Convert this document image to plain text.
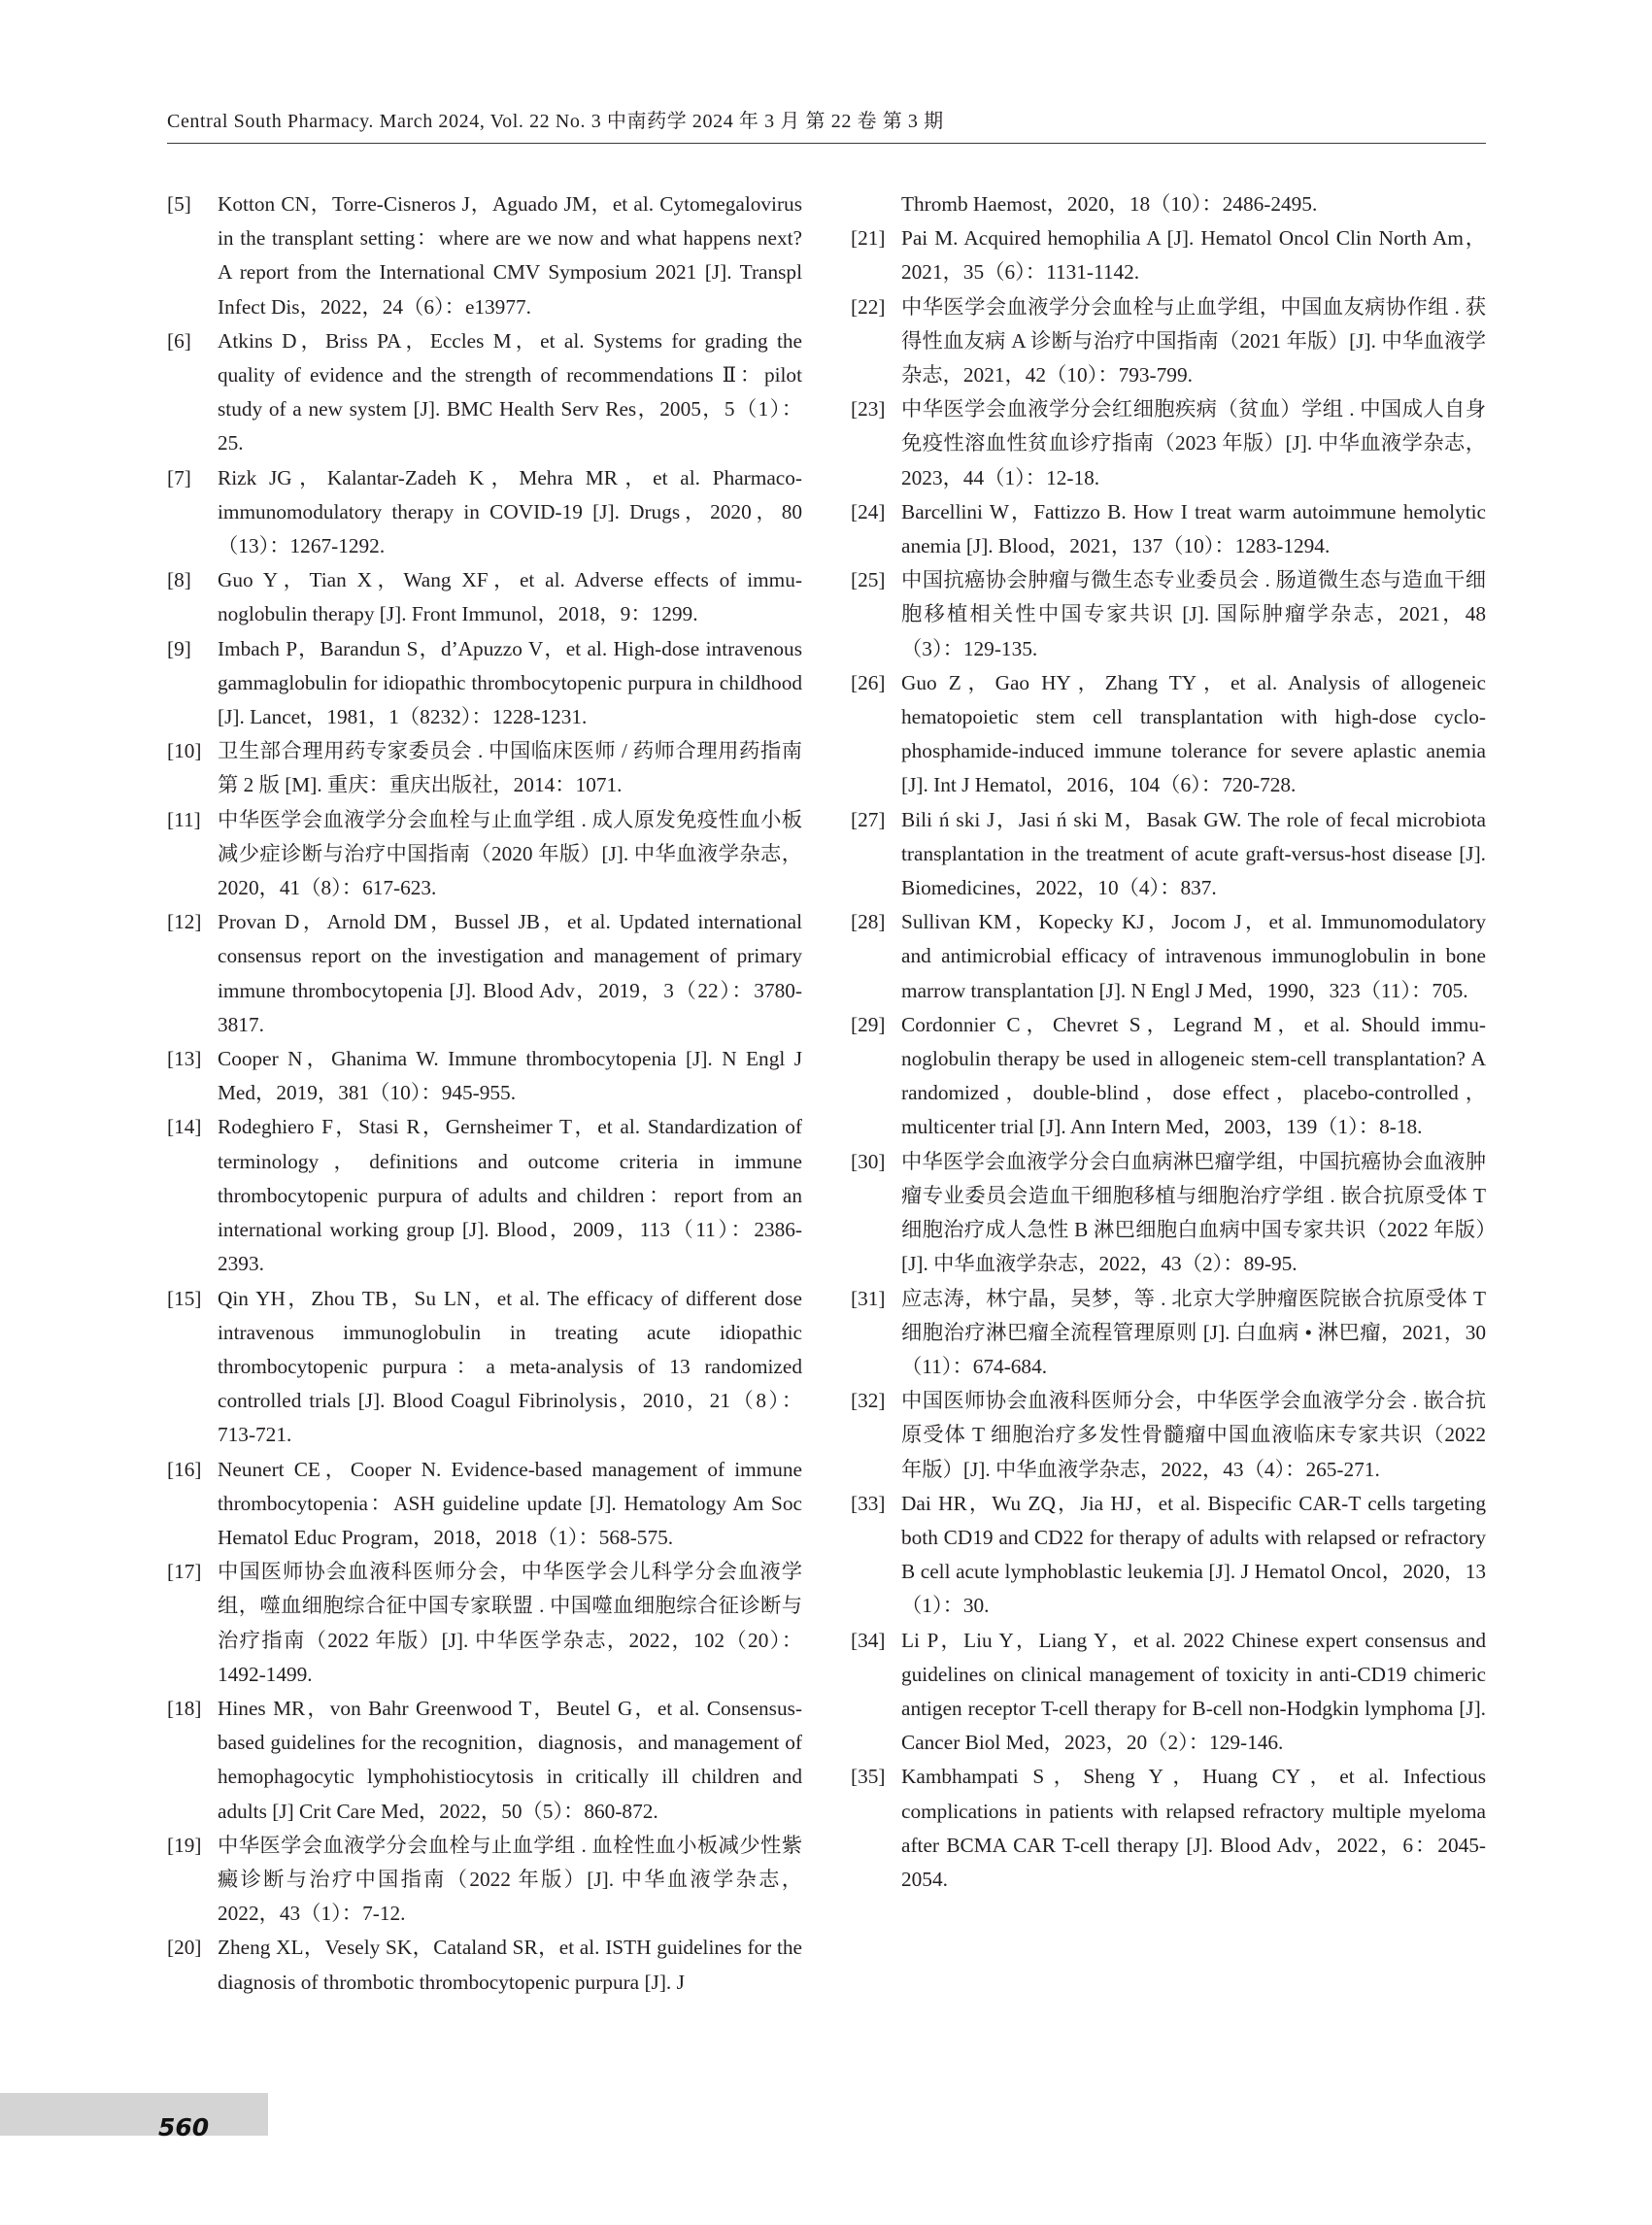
Central South Pharmacy. March 2024, Vol. 22 No. 3 中南药学 2024 年 3 月 第 22 卷 第 3 期
[5] Kotton CN，Torre-Cisneros J，Aguado JM，et al. Cytomegalovirus in the transplant setting：where are we now and what happens next? A report from the International CMV Symposium 2021 [J]. Transpl Infect Dis，2022，24（6）：e13977.
[6] Atkins D，Briss PA，Eccles M，et al. Systems for grading the quality of evidence and the strength of recommendations Ⅱ：pilot study of a new system [J]. BMC Health Serv Res，2005，5（1）：25.
[7] Rizk JG，Kalantar-Zadeh K，Mehra MR，et al. Pharmaco-immunomodulatory therapy in COVID-19 [J]. Drugs，2020，80（13）：1267-1292.
[8] Guo Y，Tian X，Wang XF，et al. Adverse effects of immunoglobulin therapy [J]. Front Immunol，2018，9：1299.
[9] Imbach P，Barandun S，d’Apuzzo V，et al. High-dose intravenous gammaglobulin for idiopathic thrombocytopenic purpura in childhood [J]. Lancet，1981，1（8232）：1228-1231.
[10] 卫生部合理用药专家委员会 . 中国临床医师 / 药师合理用药指南第 2 版 [M]. 重庆：重庆出版社，2014：1071.
[11] 中华医学会血液学分会血栓与止血学组 . 成人原发免疫性血小板减少症诊断与治疗中国指南（2020 年版）[J]. 中华血液学杂志，2020，41（8）：617-623.
[12] Provan D，Arnold DM，Bussel JB，et al. Updated international consensus report on the investigation and management of primary immune thrombocytopenia [J]. Blood Adv，2019，3（22）：3780-3817.
[13] Cooper N，Ghanima W. Immune thrombocytopenia [J]. N Engl J Med，2019，381（10）：945-955.
[14] Rodeghiero F，Stasi R，Gernsheimer T，et al. Standardization of terminology，definitions and outcome criteria in immune thrombocytopenic purpura of adults and children：report from an international working group [J]. Blood，2009，113（11）：2386-2393.
[15] Qin YH，Zhou TB，Su LN，et al. The efficacy of different dose intravenous immunoglobulin in treating acute idiopathic thrombocytopenic purpura：a meta-analysis of 13 randomized controlled trials [J]. Blood Coagul Fibrinolysis，2010，21（8）：713-721.
[16] Neunert CE，Cooper N. Evidence-based management of immune thrombocytopenia：ASH guideline update [J]. Hematology Am Soc Hematol Educ Program，2018，2018（1）：568-575.
[17] 中国医师协会血液科医师分会，中华医学会儿科学分会血液学组，噬血细胞综合征中国专家联盟 . 中国噬血细胞综合征诊断与治疗指南（2022 年版）[J]. 中华医学杂志，2022，102（20）：1492-1499.
[18] Hines MR，von Bahr Greenwood T，Beutel G，et al. Consensus-based guidelines for the recognition，diagnosis，and management of hemophagocytic lymphohistiocytosis in critically ill children and adults [J] Crit Care Med，2022，50（5）：860-872.
[19] 中华医学会血液学分会血栓与止血学组 . 血栓性血小板减少性紫癜诊断与治疗中国指南（2022 年版）[J]. 中华血液学杂志，2022，43（1）：7-12.
[20] Zheng XL，Vesely SK，Cataland SR，et al. ISTH guidelines for the diagnosis of thrombotic thrombocytopenic purpura [J]. J
Thromb Haemost，2020，18（10）：2486-2495.
[21] Pai M. Acquired hemophilia A [J]. Hematol Oncol Clin North Am，2021，35（6）：1131-1142.
[22] 中华医学会血液学分会血栓与止血学组，中国血友病协作组 . 获得性血友病 A 诊断与治疗中国指南（2021 年版）[J]. 中华血液学杂志，2021，42（10）：793-799.
[23] 中华医学会血液学分会红细胞疾病（贫血）学组 . 中国成人自身免疫性溶血性贫血诊疗指南（2023 年版）[J]. 中华血液学杂志，2023，44（1）：12-18.
[24] Barcellini W，Fattizzo B. How I treat warm autoimmune hemolytic anemia [J]. Blood，2021，137（10）：1283-1294.
[25] 中国抗癌协会肿瘤与微生态专业委员会 . 肠道微生态与造血干细胞移植相关性中国专家共识 [J]. 国际肿瘤学杂志，2021，48（3）：129-135.
[26] Guo Z，Gao HY，Zhang TY，et al. Analysis of allogeneic hematopoietic stem cell transplantation with high-dose cyclophosphamide-induced immune tolerance for severe aplastic anemia [J]. Int J Hematol，2016，104（6）：720-728.
[27] Bili ń ski J，Jasi ń ski M，Basak GW. The role of fecal microbiota transplantation in the treatment of acute graft-versus-host disease [J]. Biomedicines，2022，10（4）：837.
[28] Sullivan KM，Kopecky KJ，Jocom J，et al. Immunomodulatory and antimicrobial efficacy of intravenous immunoglobulin in bone marrow transplantation [J]. N Engl J Med，1990，323（11）：705.
[29] Cordonnier C，Chevret S，Legrand M，et al. Should immunoglobulin therapy be used in allogeneic stem-cell transplantation? A randomized，double-blind，dose effect，placebo-controlled，multicenter trial [J]. Ann Intern Med，2003，139（1）：8-18.
[30] 中华医学会血液学分会白血病淋巴瘤学组，中国抗癌协会血液肿瘤专业委员会造血干细胞移植与细胞治疗学组 . 嵌合抗原受体 T 细胞治疗成人急性 B 淋巴细胞白血病中国专家共识（2022 年版）[J]. 中华血液学杂志，2022，43（2）：89-95.
[31] 应志涛，林宁晶，吴梦，等 . 北京大学肿瘤医院嵌合抗原受体 T 细胞治疗淋巴瘤全流程管理原则 [J]. 白血病 • 淋巴瘤，2021，30（11）：674-684.
[32] 中国医师协会血液科医师分会，中华医学会血液学分会 . 嵌合抗原受体 T 细胞治疗多发性骨髓瘤中国血液临床专家共识（2022 年版）[J]. 中华血液学杂志，2022，43（4）：265-271.
[33] Dai HR，Wu ZQ，Jia HJ，et al. Bispecific CAR-T cells targeting both CD19 and CD22 for therapy of adults with relapsed or refractory B cell acute lymphoblastic leukemia [J]. J Hematol Oncol，2020，13（1）：30.
[34] Li P，Liu Y，Liang Y，et al. 2022 Chinese expert consensus and guidelines on clinical management of toxicity in anti-CD19 chimeric antigen receptor T-cell therapy for B-cell non-Hodgkin lymphoma [J]. Cancer Biol Med，2023，20（2）：129-146.
[35] Kambhampati S，Sheng Y，Huang CY，et al. Infectious complications in patients with relapsed refractory multiple myeloma after BCMA CAR T-cell therapy [J]. Blood Adv，2022，6：2045-2054.
560
